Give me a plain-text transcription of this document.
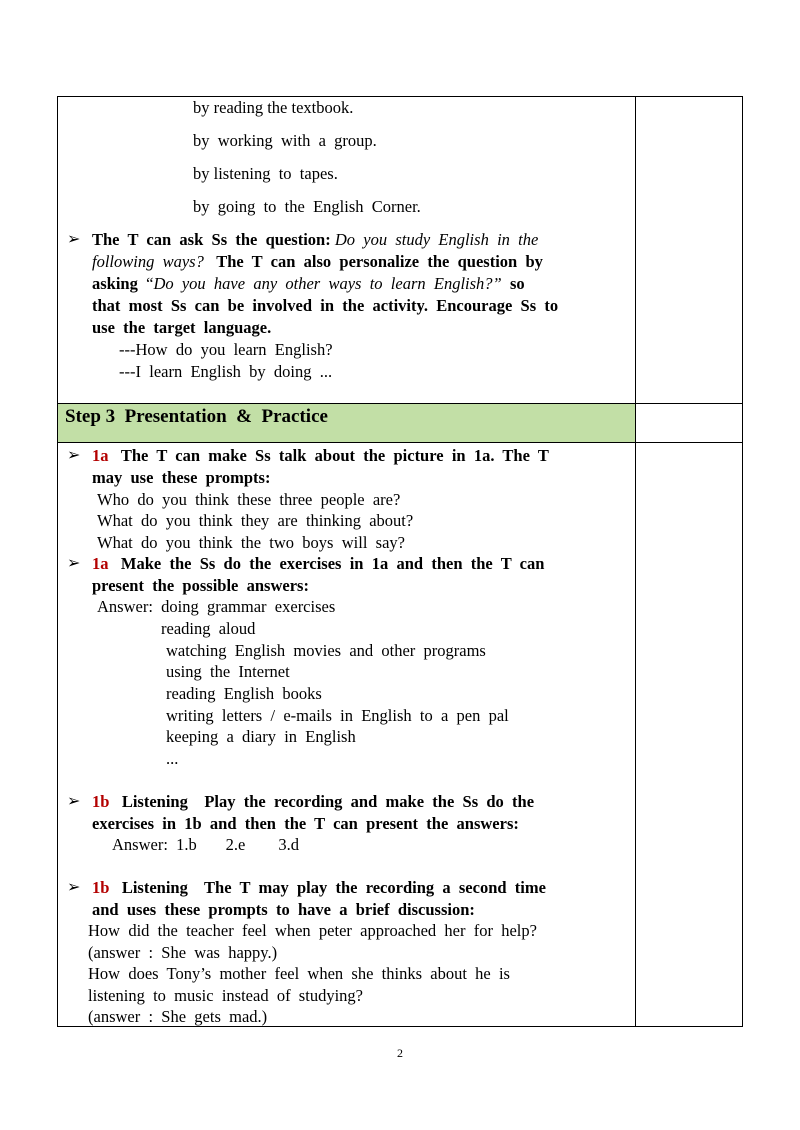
Step 3  Presentation  &  Practice
by reading the textbook.
by  working  with  a  group.
by listening  to  tapes.
by  going  to  the  English  Corner.
➢ The  T  can  ask  Ss  the  question: Do  you  study  English  in  the
following  ways? The  T  can  also  personalize  the  question  by
asking “Do  you  have  any  other  ways  to  learn  English?” so
that  most  Ss  can  be  involved  in  the  activity.  Encourage  Ss  to
use  the  target  language.
---How  do  you  learn  English?
---I  learn  English  by  doing  ...
➢ 1a The  T  can  make  Ss  talk  about  the  picture  in  1a.  The  T
may  use  these  prompts:
Who  do  you  think  these  three  people  are?
What  do  you  think  they  are  thinking  about?
What  do  you  think  the  two  boys  will  say?
➢ 1a Make  the  Ss  do  the  exercises  in  1a  and  then  the  T  can
present  the  possible  answers:
Answer:  doing  grammar  exercises
reading  aloud
watching  English  movies  and  other  programs
using  the  Internet
reading  English  books
writing  letters  /  e-mails  in  English  to  a  pen  pal
keeping  a  diary  in  English
...
➢ 1b Listening    Play  the  recording  and  make  the  Ss  do  the
exercises  in  1b  and  then  the  T  can  present  the  answers:
Answer:  1.b       2.e        3.d
➢ 1b Listening    The  T  may  play  the  recording  a  second  time
and  uses  these  prompts  to  have  a  brief  discussion:
How  did  the  teacher  feel  when  peter  approached  her  for  help?
(answer  :  She  was  happy.)
How  does  Tony’s  mother  feel  when  she  thinks  about  he  is
listening  to  music  instead  of  studying?
(answer  :  She  gets  mad.)
2
